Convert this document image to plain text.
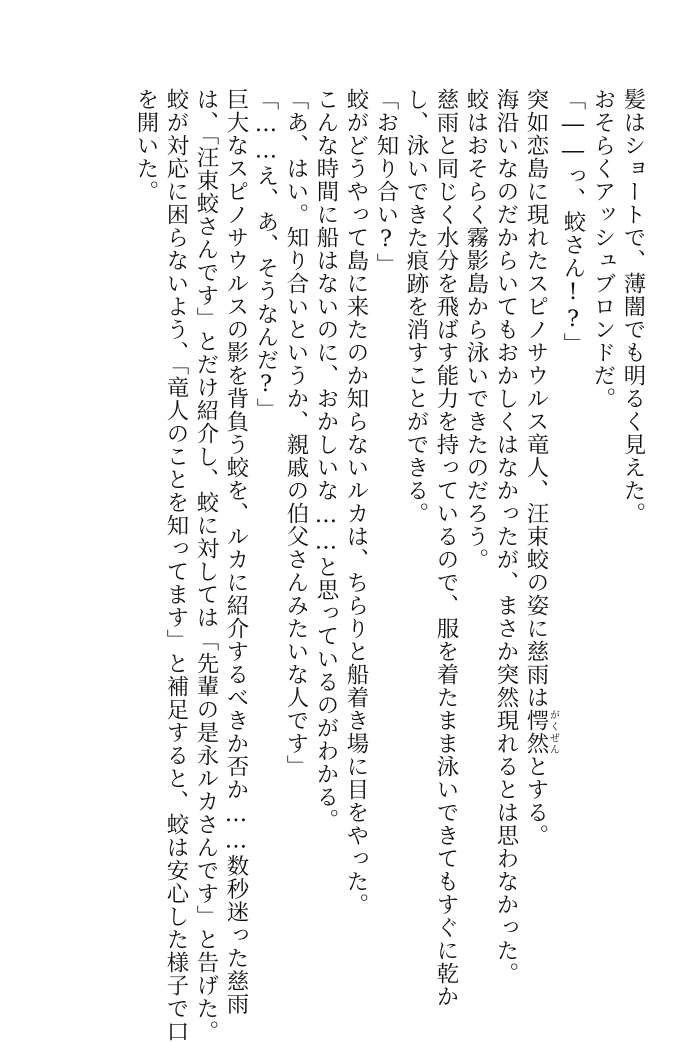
髪はショートで、薄闇でも明るく見えた。
おそらくアッシュブロンドだ。
「――っ、蛟さん!?」
突如恋島に現れたスピノサウルス竜人、汪束蛟の姿に慈雨は愕然がくぜんとする。
海沿いなのだからいてもおかしくはなかったが、まさか突然現れるとは思わなかった。
蛟はおそらく霧影島から泳いできたのだろう。
慈雨と同じく水分を飛ばす能力を持っているので、服を着たまま泳いできてもすぐに乾か
し、泳いできた痕跡を消すことができる。
「お知り合い?」
蛟がどうやって島に来たのか知らないルカは、ちらりと船着き場に目をやった。
こんな時間に船はないのに、おかしいな……と思っているのがわかる。
「あ、はい。知り合いというか、親戚の伯父さんみたいな人です」
「……え、あ、そうなんだ?」
巨大なスピノサウルスの影を背負う蛟を、ルカに紹介するべきか否か……数秒迷った慈雨
は、「汪束蛟さんです」とだけ紹介し、蛟に対しては「先輩の是永ルカさんです」と告げた。
蛟が対応に困らないよう、「竜人のことを知ってます」と補足すると、蛟は安心した様子で口
を開いた。
